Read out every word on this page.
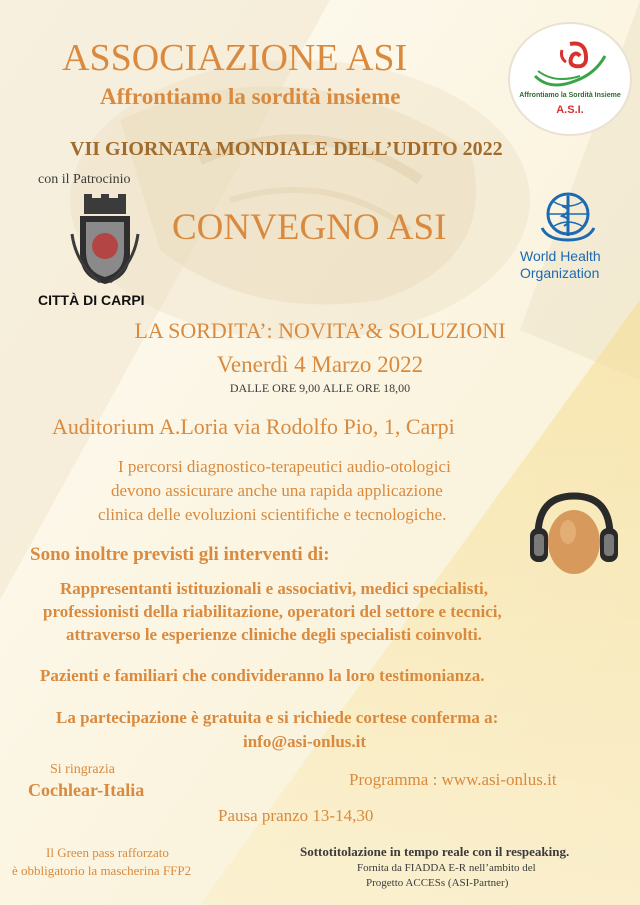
Affrontiamo la Sordità Insieme
A.S.I.
ASSOCIAZIONE ASI
Affrontiamo la sordità insieme
VII GIORNATA MONDIALE DELL’UDITO 2022
con il Patrocinio
CITTÀ DI CARPI
CONVEGNO ASI
World Health
Organization
LA SORDITA’: NOVITA’& SOLUZIONI
Venerdì 4 Marzo 2022
DALLE ORE 9,00 ALLE ORE 18,00
Auditorium A.Loria via Rodolfo Pio, 1, Carpi
I percorsi diagnostico-terapeutici audio-otologici
devono assicurare anche una rapida applicazione
clinica delle evoluzioni scientifiche e tecnologiche.
Sono inoltre previsti gli interventi di:
Rappresentanti istituzionali e associativi, medici specialisti,
professionisti della riabilitazione, operatori del settore e tecnici,
attraverso le esperienze cliniche degli specialisti coinvolti.
Pazienti e familiari che condivideranno la loro testimonianza.
La partecipazione è gratuita e si richiede cortese conferma a:
info@asi-onlus.it
Si ringrazia
Cochlear-Italia
Programma : www.asi-onlus.it
Pausa pranzo 13-14,30
Il Green pass rafforzato
è obbligatorio la mascherina FFP2
Sottotitolazione in tempo reale con il respeaking.
Fornita da FIADDA E-R nell’ambito del
Progetto ACCESs (ASI-Partner)
